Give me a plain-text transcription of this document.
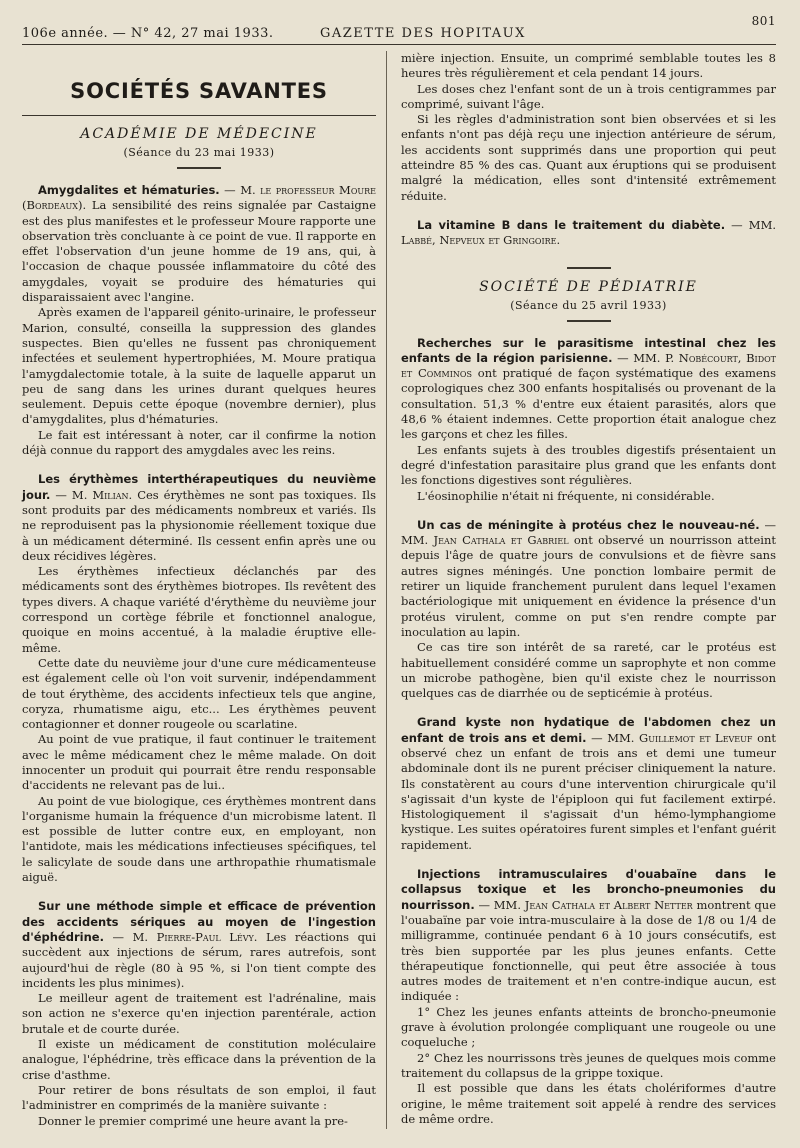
106e année. — N° 42, 27 mai 1933.	GAZETTE DES HOPITAUX
801
SOCIÉTÉS SAVANTES
ACADÉMIE DE MÉDECINE
(Séance du 23 mai 1933)

Amygdalites et hématuries. — M. le professeur Moure (Bordeaux). La sensibilité des reins signalée par Castaigne est des plus manifestes et le professeur Moure rapporte une observation très concluante à ce point de vue. Il rapporte en effet l'observation d'un jeune homme de 19 ans, qui, à l'occasion de chaque poussée inflammatoire du côté des amygdales, voyait se produire des hématuries qui disparaissaient avec l'angine.

Après examen de l'appareil génito-urinaire, le professeur Marion, consulté, conseilla la suppression des glandes suspectes. Bien qu'elles ne fussent pas chroniquement infectées et seulement hypertrophiées, M. Moure pratiqua l'amygdalectomie totale, à la suite de laquelle apparut un peu de sang dans les urines durant quelques heures seulement. Depuis cette époque (novembre dernier), plus d'amygdalites, plus d'hématuries.

Le fait est intéressant à noter, car il confirme la notion déjà connue du rapport des amygdales avec les reins.

Les érythèmes interthérapeutiques du neuvième jour. — M. Milian. Ces érythèmes ne sont pas toxiques. Ils sont produits par des médicaments nombreux et variés. Ils ne reproduisent pas la physionomie réellement toxique due à un médicament déterminé. Ils cessent enfin après une ou deux récidives légères.

Les érythèmes infectieux déclanchés par des médicaments sont des érythèmes biotropes. Ils revêtent des types divers. A chaque variété d'érythème du neuvième jour correspond un cortège fébrile et fonctionnel analogue, quoique en moins accentué, à la maladie éruptive elle-même.

Cette date du neuvième jour d'une cure médicamenteuse est également celle où l'on voit survenir, indépendamment de tout érythème, des accidents infectieux tels que angine, coryza, rhumatisme aigu, etc... Les érythèmes peuvent contagionner et donner rougeole ou scarlatine.

Au point de vue pratique, il faut continuer le traitement avec le même médicament chez le même malade. On doit innocenter un produit qui pourrait être rendu responsable d'accidents ne relevant pas de lui..

Au point de vue biologique, ces érythèmes montrent dans l'organisme humain la fréquence d'un microbisme latent. Il est possible de lutter contre eux, en employant, non l'antidote, mais les médications infectieuses spécifiques, tel le salicylate de soude dans une arthropathie rhumatismale aiguë.

Sur une méthode simple et efficace de prévention des accidents sériques au moyen de l'ingestion d'éphédrine. — M. Pierre-Paul Lévy. Les réactions qui succèdent aux injections de sérum, rares autrefois, sont aujourd'hui de règle (80 à 95 %, si l'on tient compte des incidents les plus minimes).

Le meilleur agent de traitement est l'adrénaline, mais son action ne s'exerce qu'en injection parentérale, action brutale et de courte durée.

Il existe un médicament de constitution moléculaire analogue, l'éphédrine, très efficace dans la prévention de la crise d'asthme.

Pour retirer de bons résultats de son emploi, il faut l'administrer en comprimés de la manière suivante :

Donner le premier comprimé une heure avant la pre-

mière injection. Ensuite, un comprimé semblable toutes les 8 heures très régulièrement et cela pendant 14 jours.

Les doses chez l'enfant sont de un à trois centigrammes par comprimé, suivant l'âge.

Si les règles d'administration sont bien observées et si les enfants n'ont pas déjà reçu une injection antérieure de sérum, les accidents sont supprimés dans une proportion qui peut atteindre 85 % des cas. Quant aux éruptions qui se produisent malgré la médication, elles sont d'intensité extrêmement réduite.

La vitamine B dans le traitement du diabète. — MM. Labbé, Nepveux et Gringoire.

SOCIÉTÉ DE PÉDIATRIE
(Séance du 25 avril 1933)

Recherches sur le parasitisme intestinal chez les enfants de la région parisienne. — MM. P. Nobécourt, Bidot et Comminos ont pratiqué de façon systématique des examens coprologiques chez 300 enfants hospitalisés ou provenant de la consultation. 51,3 % d'entre eux étaient parasités, alors que 48,6 % étaient indemnes. Cette proportion était analogue chez les garçons et chez les filles.

Les enfants sujets à des troubles digestifs présentaient un degré d'infestation parasitaire plus grand que les enfants dont les fonctions digestives sont régulières.

L'éosinophilie n'était ni fréquente, ni considérable.

Un cas de méningite à protéus chez le nouveau-né. — MM. Jean Cathala et Gabriel ont observé un nourrisson atteint depuis l'âge de quatre jours de convulsions et de fièvre sans autres signes méningés. Une ponction lombaire permit de retirer un liquide franchement purulent dans lequel l'examen bactériologique mit uniquement en évidence la présence d'un protéus virulent, comme on put s'en rendre compte par inoculation au lapin.

Ce cas tire son intérêt de sa rareté, car le protéus est habituellement considéré comme un saprophyte et non comme un microbe pathogène, bien qu'il existe chez le nourrisson quelques cas de diarrhée ou de septicémie à protéus.

Grand kyste non hydatique de l'abdomen chez un enfant de trois ans et demi. — MM. Guillemot et Leveuf ont observé chez un enfant de trois ans et demi une tumeur abdominale dont ils ne purent préciser cliniquement la nature. Ils constatèrent au cours d'une intervention chirurgicale qu'il s'agissait d'un kyste de l'épiploon qui fut facilement extirpé. Histologiquement il s'agissait d'un hémo-lymphangiome kystique. Les suites opératoires furent simples et l'enfant guérit rapidement.

Injections intramusculaires d'ouabaïne dans le collapsus toxique et les broncho-pneumonies du nourrisson. — MM. Jean Cathala et Albert Netter montrent que l'ouabaïne par voie intra-musculaire à la dose de 1/8 ou 1/4 de milligramme, continuée pendant 6 à 10 jours consécutifs, est très bien supportée par les plus jeunes enfants. Cette thérapeutique fonctionnelle, qui peut être associée à tous autres modes de traitement et n'en contre-indique aucun, est indiquée :

1° Chez les jeunes enfants atteints de broncho-pneumonie grave à évolution prolongée compliquant une rougeole ou une coqueluche ;
2° Chez les nourrissons très jeunes de quelques mois comme traitement du collapsus de la grippe toxique.

Il est possible que dans les états cholériformes d'autre origine, le même traitement soit appelé à rendre des services de même ordre.
